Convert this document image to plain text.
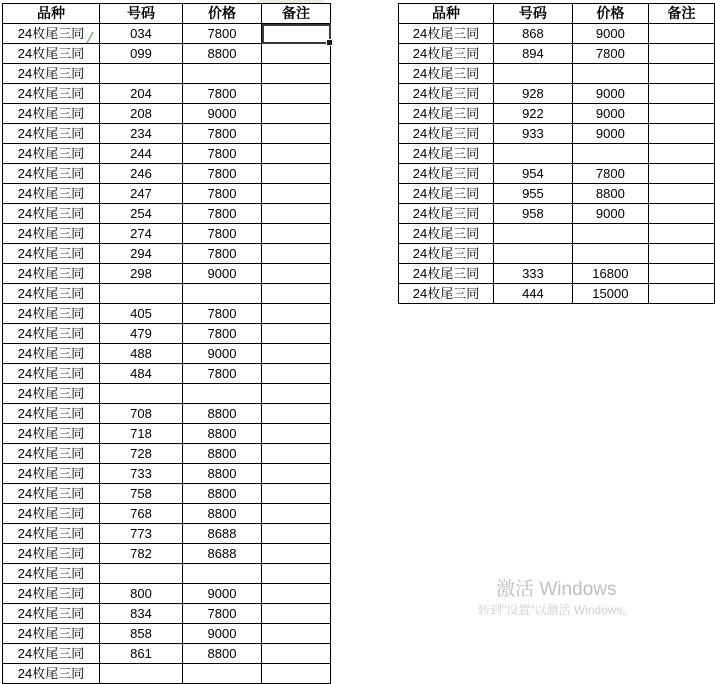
品种	号码	价格	备注
24枚尾三同	034	7800	
24枚尾三同	099	8800	
24枚尾三同			
24枚尾三同	204	7800	
24枚尾三同	208	9000	
24枚尾三同	234	7800	
24枚尾三同	244	7800	
24枚尾三同	246	7800	
24枚尾三同	247	7800	
24枚尾三同	254	7800	
24枚尾三同	274	7800	
24枚尾三同	294	7800	
24枚尾三同	298	9000	
24枚尾三同			
24枚尾三同	405	7800	
24枚尾三同	479	7800	
24枚尾三同	488	9000	
24枚尾三同	484	7800	
24枚尾三同			
24枚尾三同	708	8800	
24枚尾三同	718	8800	
24枚尾三同	728	8800	
24枚尾三同	733	8800	
24枚尾三同	758	8800	
24枚尾三同	768	8800	
24枚尾三同	773	8688	
24枚尾三同	782	8688	
24枚尾三同			
24枚尾三同	800	9000	
24枚尾三同	834	7800	
24枚尾三同	858	9000	
24枚尾三同	861	8800	
24枚尾三同			
品种	号码	价格	备注
24枚尾三同	868	9000	
24枚尾三同	894	7800	
24枚尾三同			
24枚尾三同	928	9000	
24枚尾三同	922	9000	
24枚尾三同	933	9000	
24枚尾三同			
24枚尾三同	954	7800	
24枚尾三同	955	8800	
24枚尾三同	958	9000	
24枚尾三同			
24枚尾三同			
24枚尾三同	333	16800	
24枚尾三同	444	15000	
激活 Windows
转到"设置"以激活 Windows。
